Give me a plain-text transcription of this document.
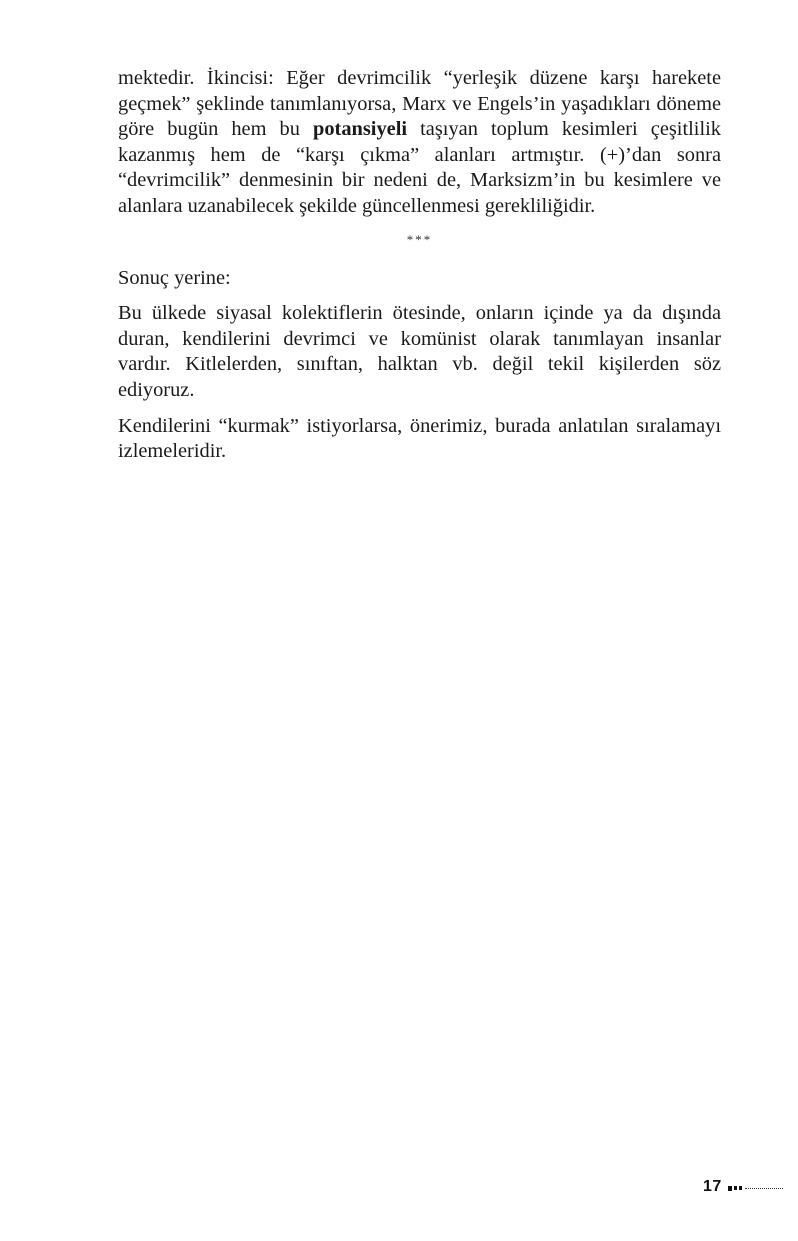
mektedir. İkincisi: Eğer devrimcilik “yerleşik düzene karşı harekete geçmek” şeklinde tanımlanıyorsa, Marx ve Engels’in yaşadıkları döneme göre bugün hem bu potansiyeli taşıyan toplum kesimleri çeşitlilik kazanmış hem de “karşı çıkma” alanları artmıştır. (+)’dan sonra “devrimcilik” denmesinin bir nedeni de, Marksizm’in bu kesimlere ve alanlara uzanabilecek şekilde güncellenmesi gerekliliğidir.

***

Sonuç yerine:

Bu ülkede siyasal kolektiflerin ötesinde, onların içinde ya da dışında duran, kendilerini devrimci ve komünist olarak tanımlayan insanlar vardır. Kitlelerden, sınıftan, halktan vb. değil tekil kişilerden söz ediyoruz.

Kendilerini “kurmak” istiyorlarsa, önerimiz, burada anlatılan sıralamayı izlemeleridir.

17
